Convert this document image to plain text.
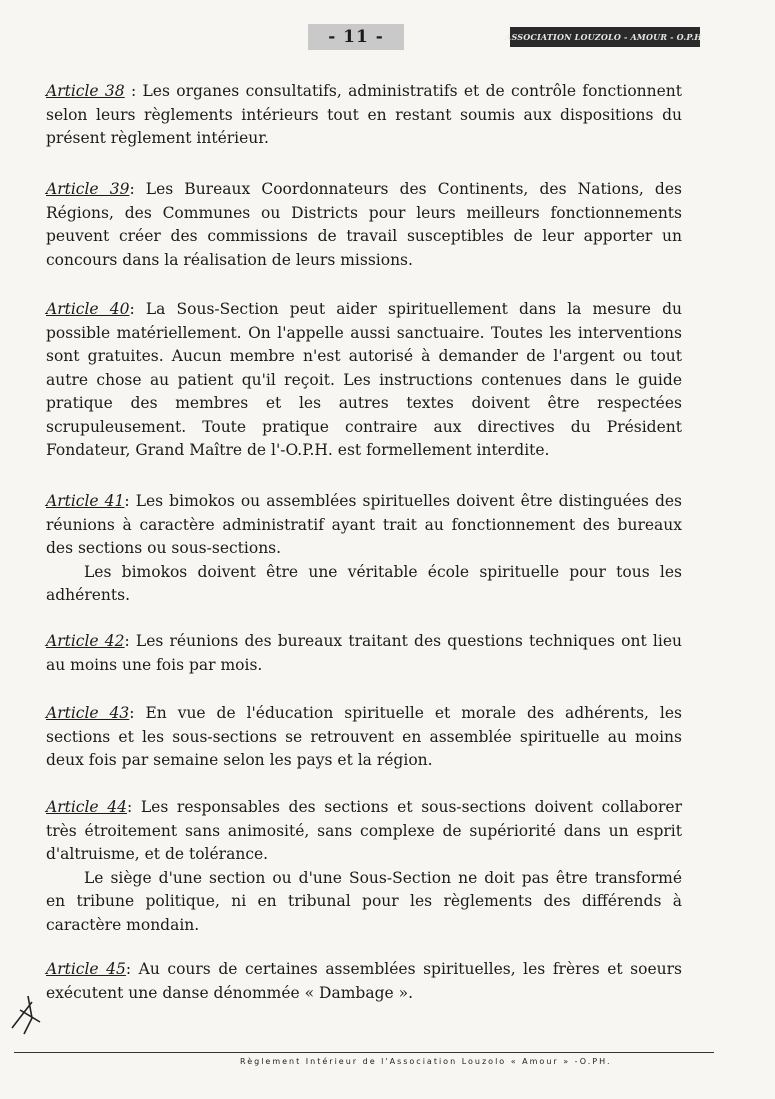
- 11 -	ASSOCIATION LOUZOLO - AMOUR - O.P.H.
Article 38 : Les organes consultatifs, administratifs et de contrôle fonctionnent selon leurs règlements intérieurs tout en restant soumis aux dispositions du présent règlement intérieur.
Article 39: Les Bureaux Coordonnateurs des Continents, des Nations, des Régions, des Communes ou Districts pour leurs meilleurs fonctionnements peuvent créer des commissions de travail susceptibles de leur apporter un concours dans la réalisation de leurs missions.
Article 40: La Sous-Section peut aider spirituellement dans la mesure du possible matériellement. On l'appelle aussi sanctuaire. Toutes les interventions sont gratuites. Aucun membre n'est autorisé à demander de l'argent ou tout autre chose au patient qu'il reçoit. Les instructions contenues dans le guide pratique des membres et les autres textes doivent être respectées scrupuleusement. Toute pratique contraire aux directives du Président Fondateur, Grand Maître de l'-O.P.H. est formellement interdite.

Article 41: Les bimokos ou assemblées spirituelles doivent être distinguées des réunions à caractère administratif ayant trait au fonctionnement des bureaux des sections ou sous-sections.

Les bimokos doivent être une véritable école spirituelle pour tous les adhérents.

Article 42: Les réunions des bureaux traitant des questions techniques ont lieu au moins une fois par mois.
Article 43: En vue de l'éducation spirituelle et morale des adhérents, les sections et les sous-sections se retrouvent en assemblée spirituelle au moins deux fois par semaine selon les pays et la région.

Article 44: Les responsables des sections et sous-sections doivent collaborer très étroitement sans animosité, sans complexe de supériorité dans un esprit d'altruisme, et de tolérance.

Le siège d'une section ou d'une Sous-Section ne doit pas être transformé en tribune politique, ni en tribunal pour les règlements des différends à caractère mondain.

Article 45: Au cours de certaines assemblées spirituelles, les frères et soeurs exécutent une danse dénommée « Dambage ».
Règlement Intérieur de l'Association Louzolo « Amour » -O.PH.
